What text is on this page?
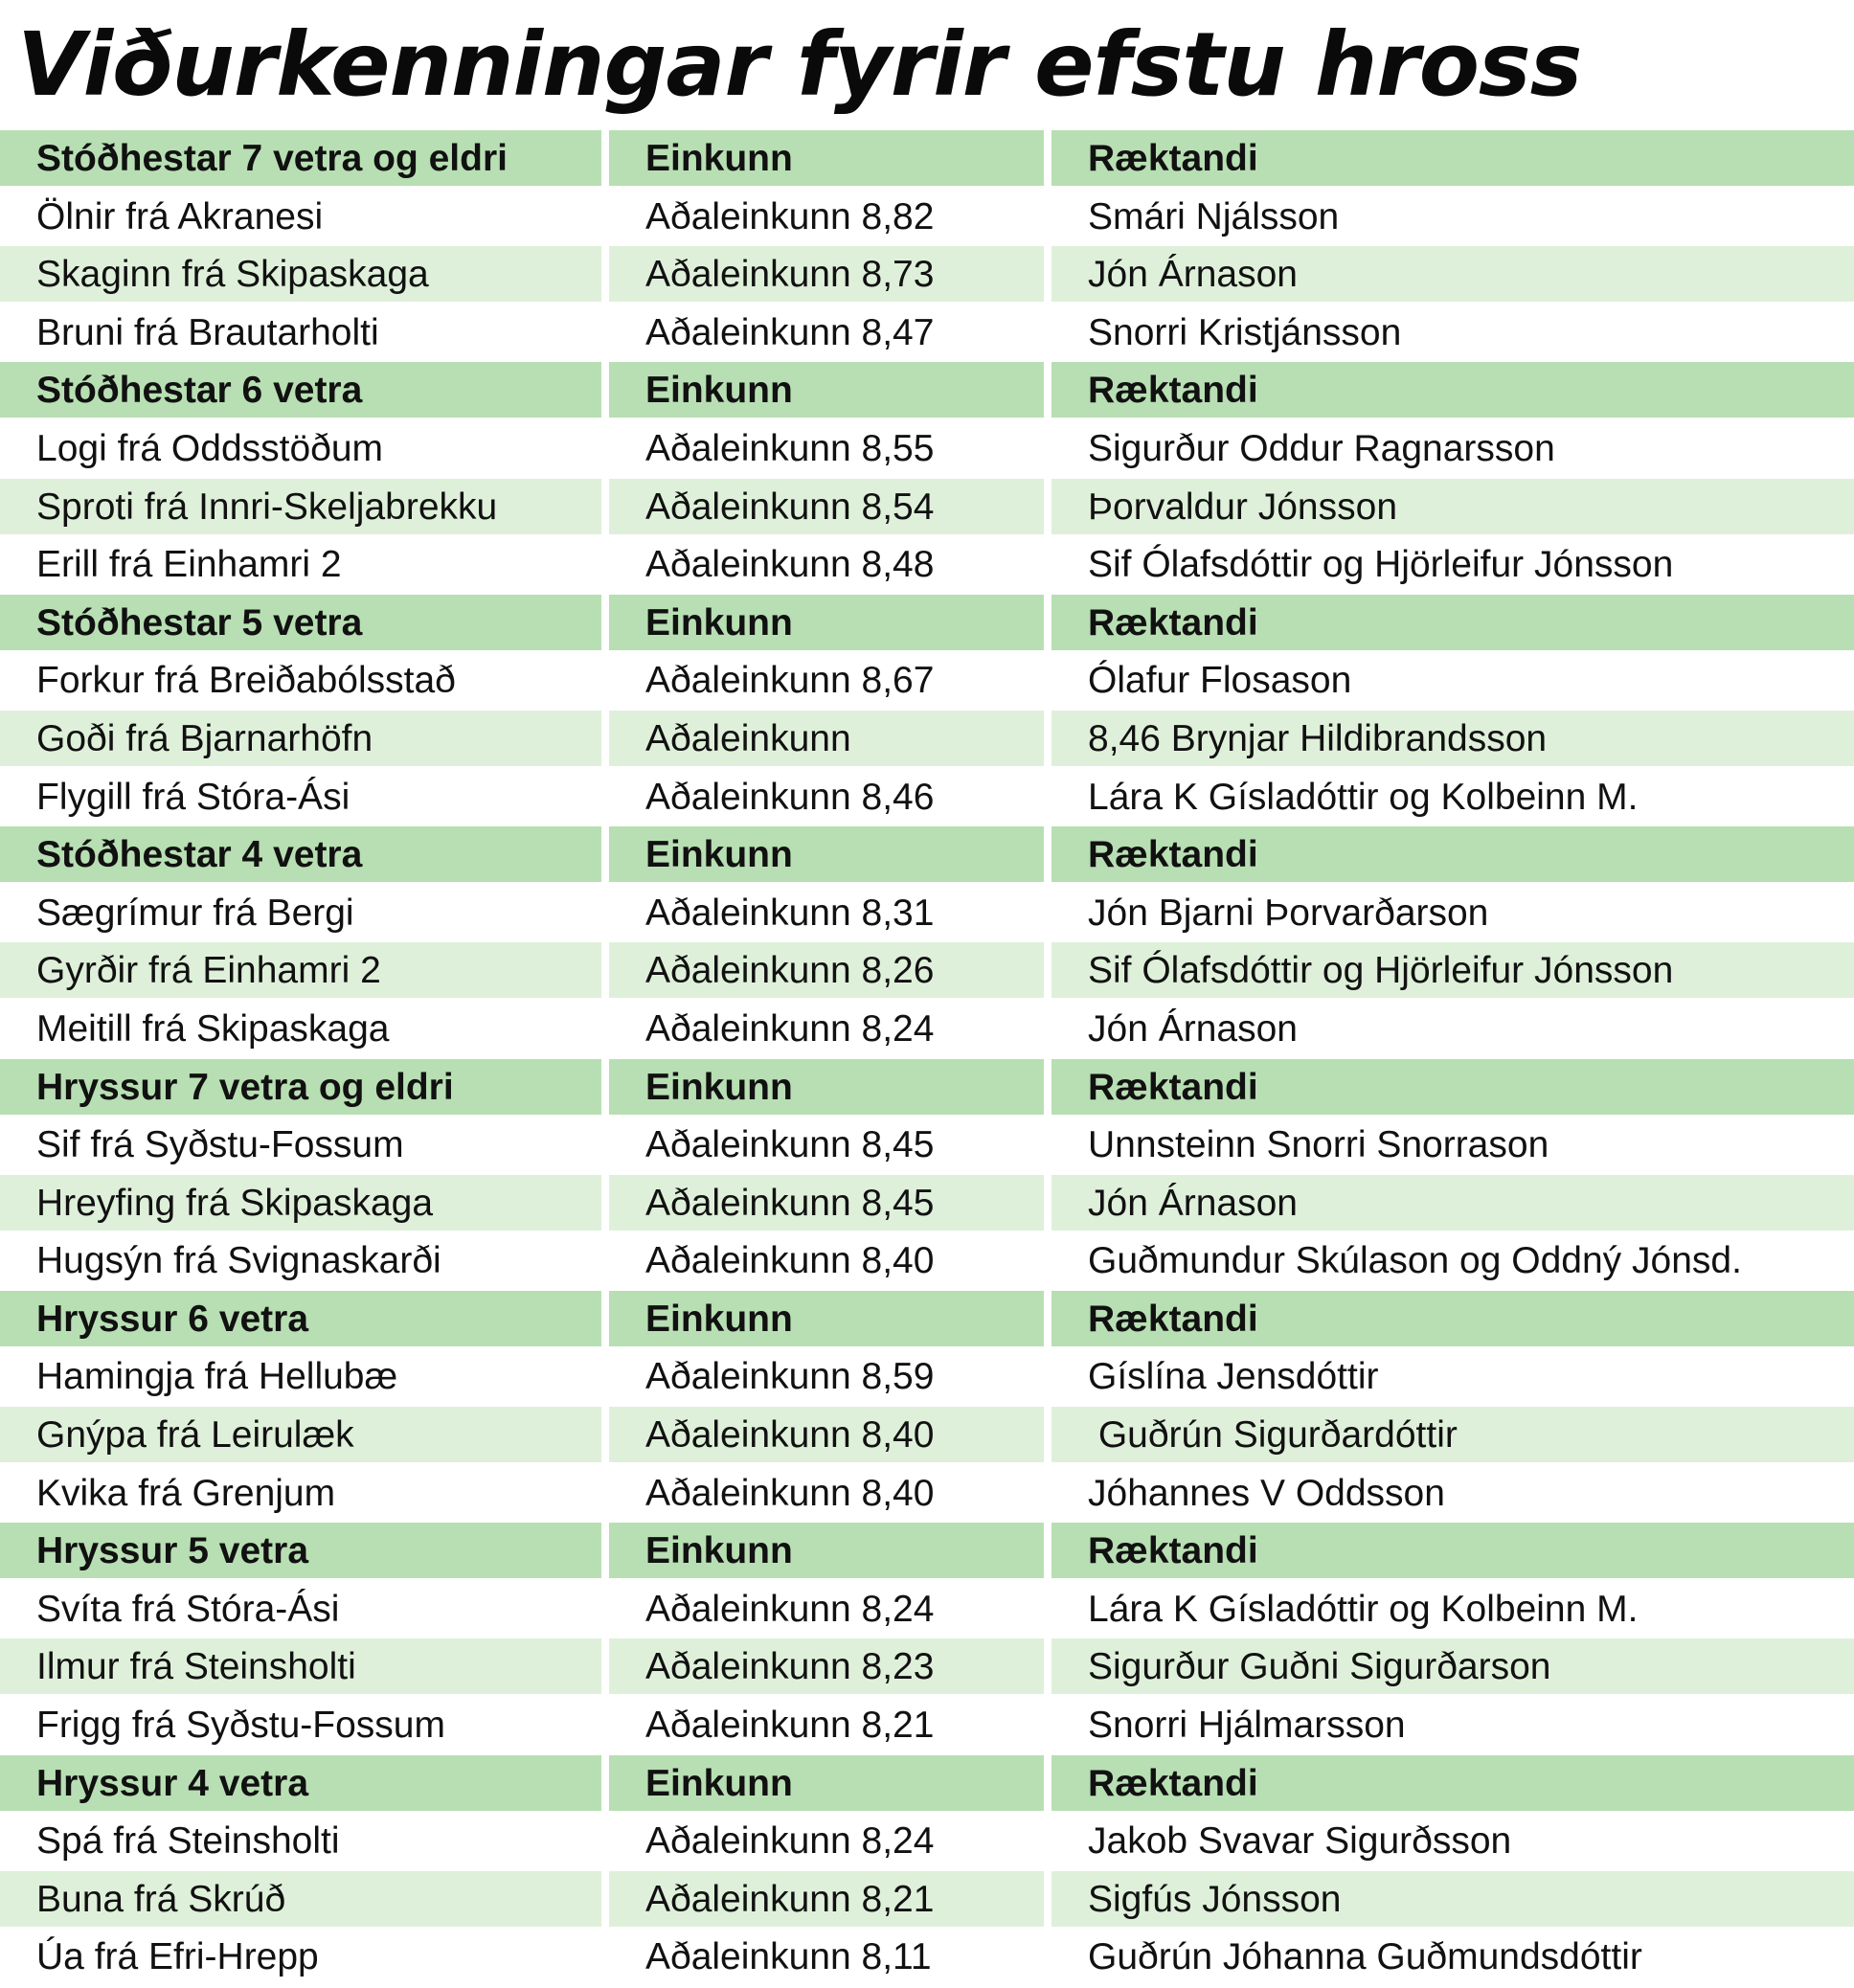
Viðurkenningar fyrir efstu hross
Stóðhestar 7 vetra og eldri	Einkunn	Ræktandi
Ölnir frá Akranesi	Aðaleinkunn 8,82	Smári Njálsson
Skaginn frá Skipaskaga	Aðaleinkunn 8,73	Jón Árnason
Bruni frá Brautarholti	Aðaleinkunn 8,47	Snorri Kristjánsson
Stóðhestar 6 vetra	Einkunn	Ræktandi
Logi frá Oddsstöðum	Aðaleinkunn 8,55	Sigurður Oddur Ragnarsson
Sproti frá Innri-Skeljabrekku	Aðaleinkunn 8,54	Þorvaldur Jónsson
Erill frá Einhamri 2	Aðaleinkunn 8,48	Sif Ólafsdóttir og Hjörleifur Jónsson
Stóðhestar 5 vetra	Einkunn	Ræktandi
Forkur frá Breiðabólsstað	Aðaleinkunn 8,67	Ólafur Flosason
Goði frá Bjarnarhöfn	Aðaleinkunn	8,46 Brynjar Hildibrandsson
Flygill frá Stóra-Ási	Aðaleinkunn 8,46	Lára K Gísladóttir og Kolbeinn M.
Stóðhestar 4 vetra	Einkunn	Ræktandi
Sægrímur frá Bergi	Aðaleinkunn 8,31	Jón Bjarni Þorvarðarson
Gyrðir frá Einhamri 2	Aðaleinkunn 8,26	Sif Ólafsdóttir og Hjörleifur Jónsson
Meitill frá Skipaskaga	Aðaleinkunn 8,24	Jón Árnason
Hryssur 7 vetra og eldri	Einkunn	Ræktandi
Sif frá Syðstu-Fossum	Aðaleinkunn 8,45	Unnsteinn Snorri Snorrason
Hreyfing frá Skipaskaga	Aðaleinkunn 8,45	Jón Árnason
Hugsýn frá Svignaskarði	Aðaleinkunn 8,40	Guðmundur Skúlason og Oddný Jónsd.
Hryssur 6 vetra	Einkunn	Ræktandi
Hamingja frá Hellubæ	Aðaleinkunn 8,59	Gíslína Jensdóttir
Gnýpa frá Leirulæk	Aðaleinkunn 8,40	Guðrún Sigurðardóttir
Kvika frá Grenjum	Aðaleinkunn 8,40	Jóhannes V Oddsson
Hryssur 5 vetra	Einkunn	Ræktandi
Svíta frá Stóra-Ási	Aðaleinkunn 8,24	Lára K Gísladóttir og Kolbeinn M.
Ilmur frá Steinsholti	Aðaleinkunn 8,23	Sigurður Guðni Sigurðarson
Frigg frá Syðstu-Fossum	Aðaleinkunn 8,21	Snorri Hjálmarsson
Hryssur 4 vetra	Einkunn	Ræktandi
Spá frá Steinsholti	Aðaleinkunn 8,24	Jakob Svavar Sigurðsson
Buna frá Skrúð	Aðaleinkunn 8,21	Sigfús Jónsson
Úa frá Efri-Hrepp	Aðaleinkunn 8,11	Guðrún Jóhanna Guðmundsdóttir
